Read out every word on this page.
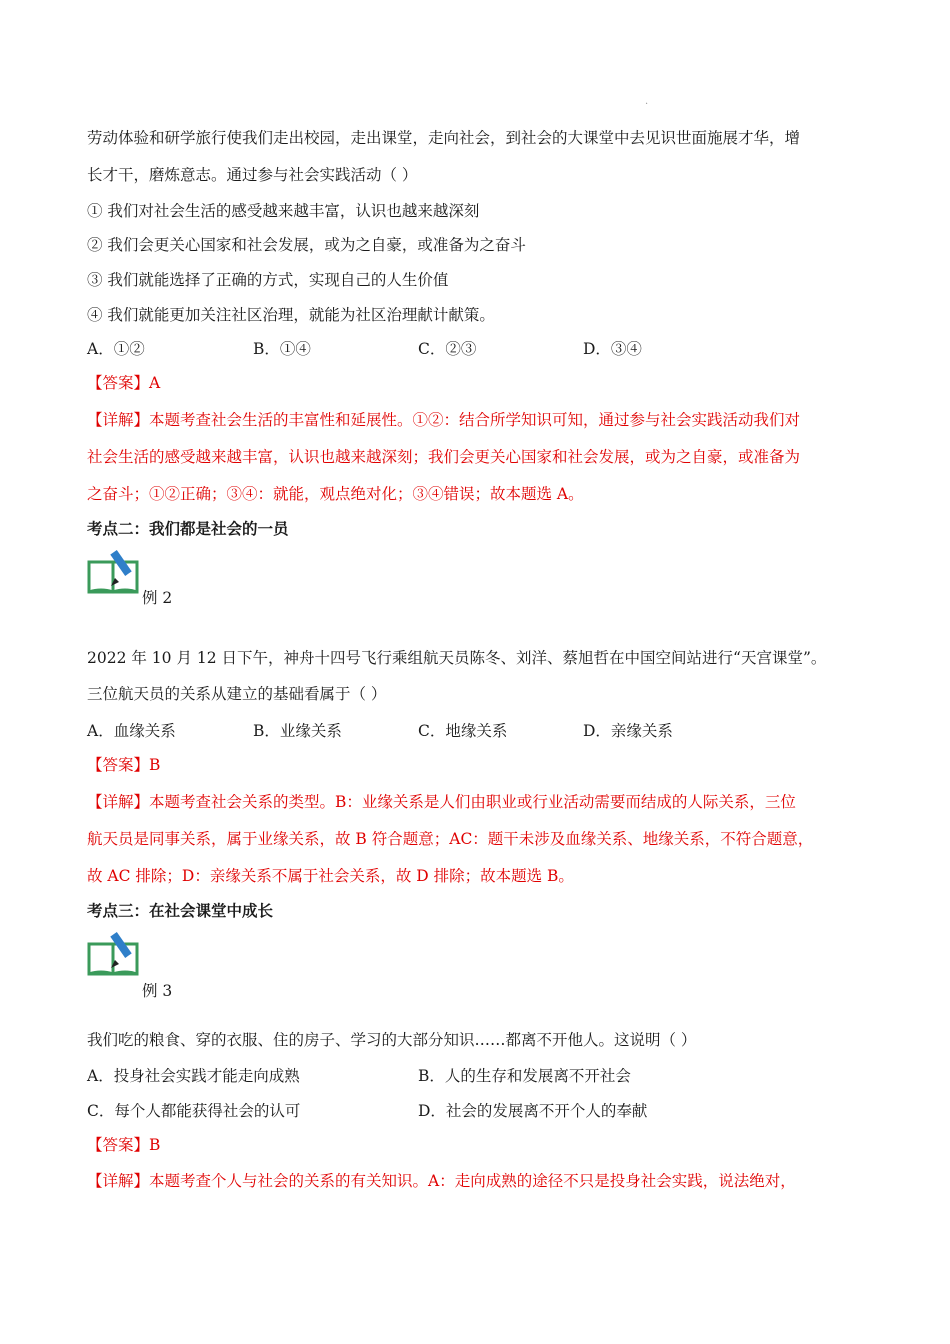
.
劳动体验和研学旅行使我们走出校园，走出课堂，走向社会，到社会的大课堂中去见识世面施展才华，增
长才干，磨炼意志。通过参与社会实践活动（ ）
① 我们对社会生活的感受越来越丰富，认识也越来越深刻
② 我们会更关心国家和社会发展，或为之自豪，或准备为之奋斗
③ 我们就能选择了正确的方式，实现自己的人生价值
④ 我们就能更加关注社区治理，就能为社区治理献计献策。
A．①②	B．①④	C．②③	D．③④
【答案】A
【详解】本题考查社会生活的丰富性和延展性。①②：结合所学知识可知，通过参与社会实践活动我们对
社会生活的感受越来越丰富，认识也越来越深刻；我们会更关心国家和社会发展，或为之自豪，或准备为
之奋斗；①②正确；③④：就能，观点绝对化；③④错误；故本题选 A。
考点二：我们都是社会的一员
例 2
2022 年 10 月 12 日下午，神舟十四号飞行乘组航天员陈冬、刘洋、蔡旭哲在中国空间站进行“天宫课堂”。
三位航天员的关系从建立的基础看属于（ ）
A．血缘关系	B．业缘关系	C．地缘关系	D．亲缘关系
【答案】B
【详解】本题考查社会关系的类型。B：业缘关系是人们由职业或行业活动需要而结成的人际关系，三位
航天员是同事关系，属于业缘关系，故 B 符合题意；AC：题干未涉及血缘关系、地缘关系，不符合题意，
故 AC 排除；D：亲缘关系不属于社会关系，故 D 排除；故本题选 B。
考点三：在社会课堂中成长
例 3
我们吃的粮食、穿的衣服、住的房子、学习的大部分知识……都离不开他人。这说明（ ）
A．投身社会实践才能走向成熟	B．人的生存和发展离不开社会
C．每个人都能获得社会的认可	D．社会的发展离不开个人的奉献
【答案】B
【详解】本题考查个人与社会的关系的有关知识。A：走向成熟的途径不只是投身社会实践，说法绝对，
